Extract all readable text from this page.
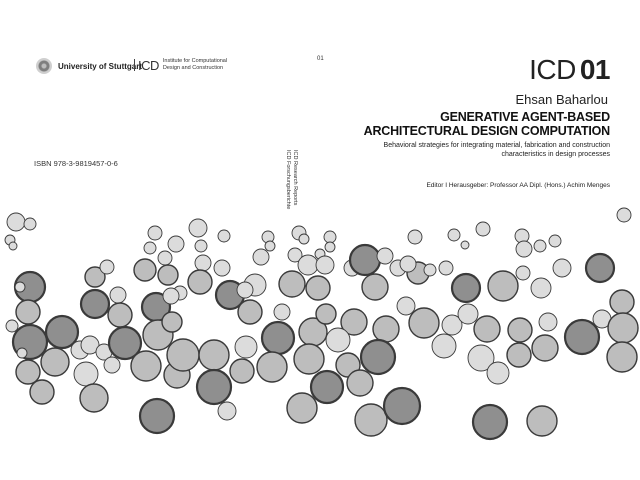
University of Stuttgart
ICD Institute for Computational
Design and Construction
ISBN 978-3-9819457-0-6
01
ICD Research Reports
ICD Forschungsberichte
ICD 01
Ehsan Baharlou
GENERATIVE AGENT-BASED
ARCHITECTURAL DESIGN COMPUTATION
Behavioral strategies for integrating material, fabrication and construction
characteristics in design processes
Editor I Herausgeber: Professor AA Dipl. (Hons.) Achim Menges
